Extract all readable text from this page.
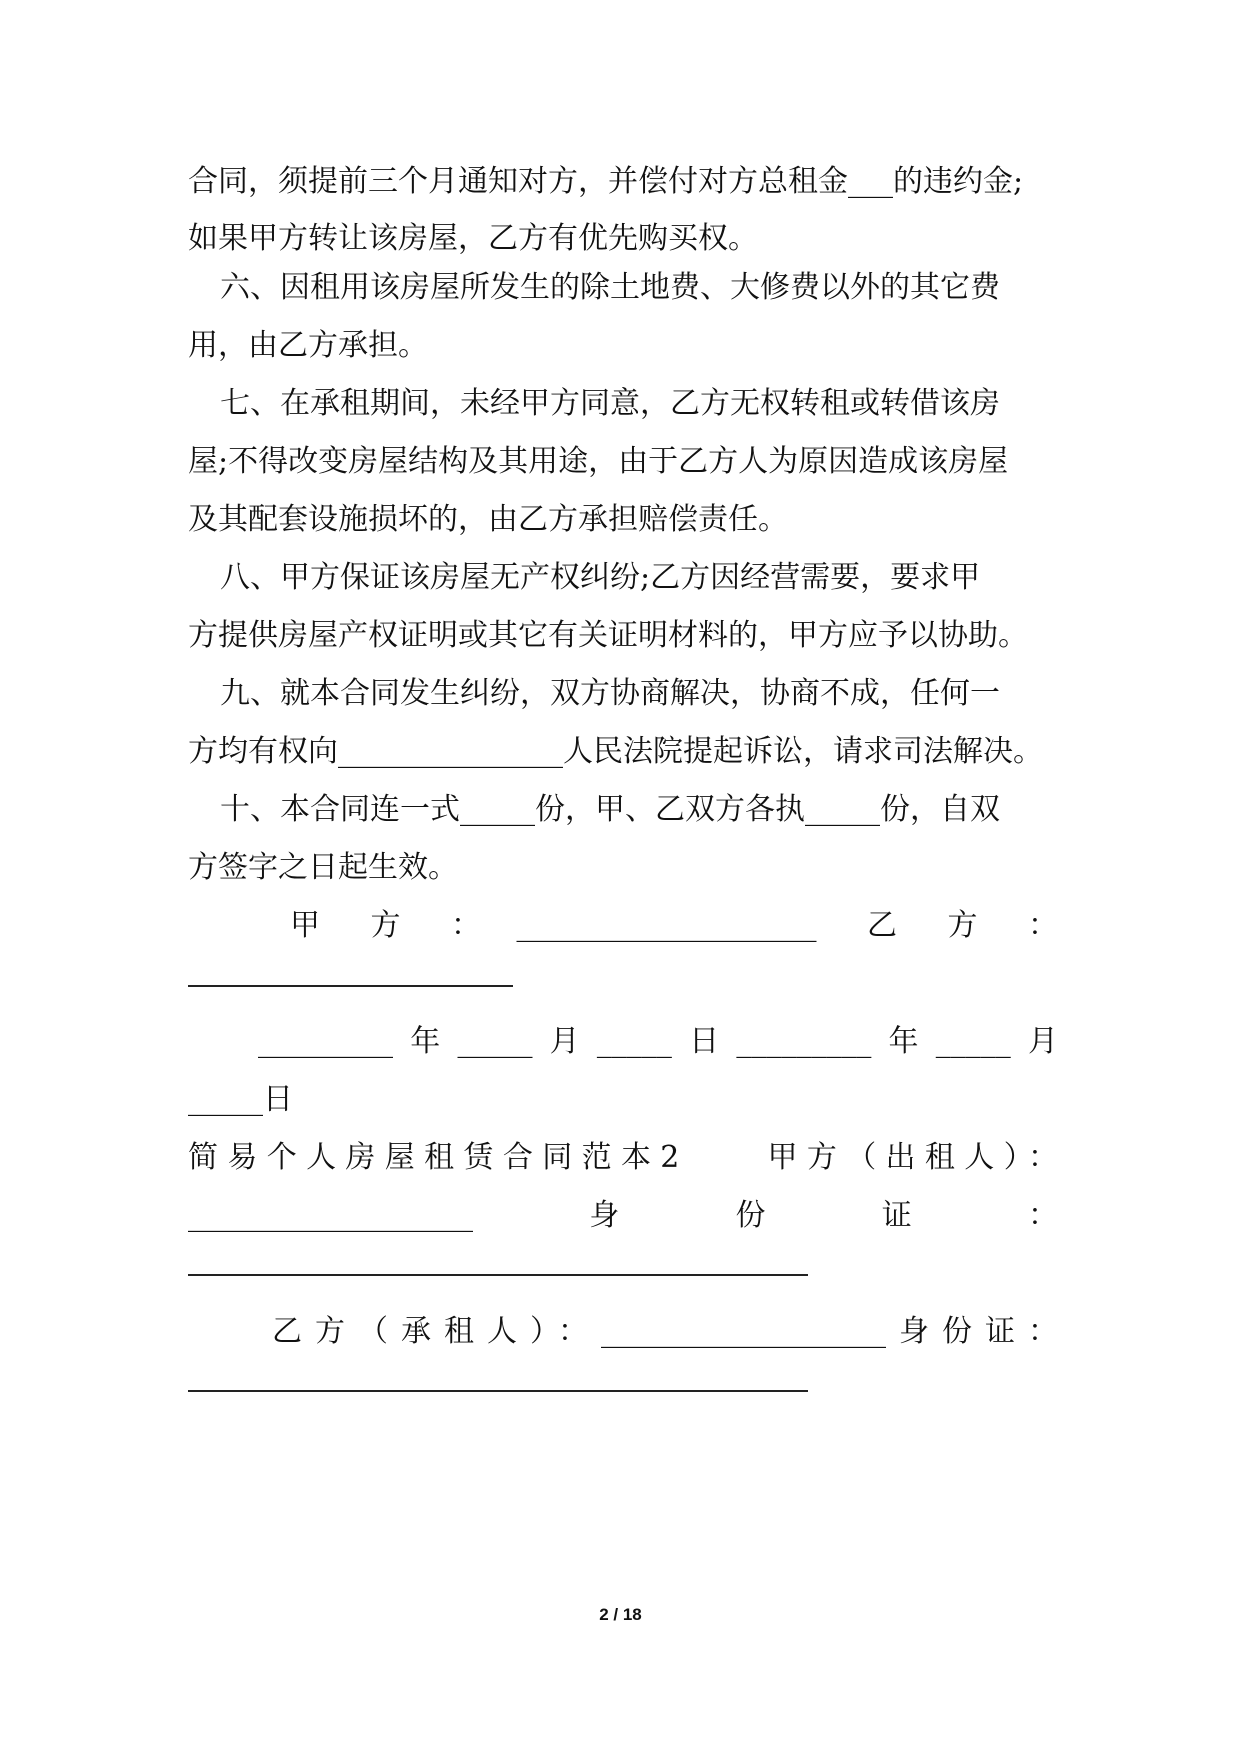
合同，须提前三个月通知对方，并偿付对方总租金___的违约金;
如果甲方转让该房屋，乙方有优先购买权。
六、因租用该房屋所发生的除土地费、大修费以外的其它费
用，由乙方承担。
七、在承租期间，未经甲方同意，乙方无权转租或转借该房
屋;不得改变房屋结构及其用途，由于乙方人为原因造成该房屋
及其配套设施损坏的，由乙方承担赔偿责任。
八、甲方保证该房屋无产权纠纷;乙方因经营需要，要求甲
方提供房屋产权证明或其它有关证明材料的，甲方应予以协助。
九、就本合同发生纠纷，双方协商解决，协商不成，任何一
方均有权向_______________人民法院提起诉讼，请求司法解决。
十、本合同连一式_____份，甲、乙双方各执_____份，自双
方签字之日起生效。
甲　方　：　____________________　乙　方　：
_________年_____月_____日_________年_____月
_____日
简易个人房屋租赁合同范本2　　甲方（出租人）：
___________________　　身　　份　　证　　：
乙方（承租人）：___________________身份证：
2 / 18
